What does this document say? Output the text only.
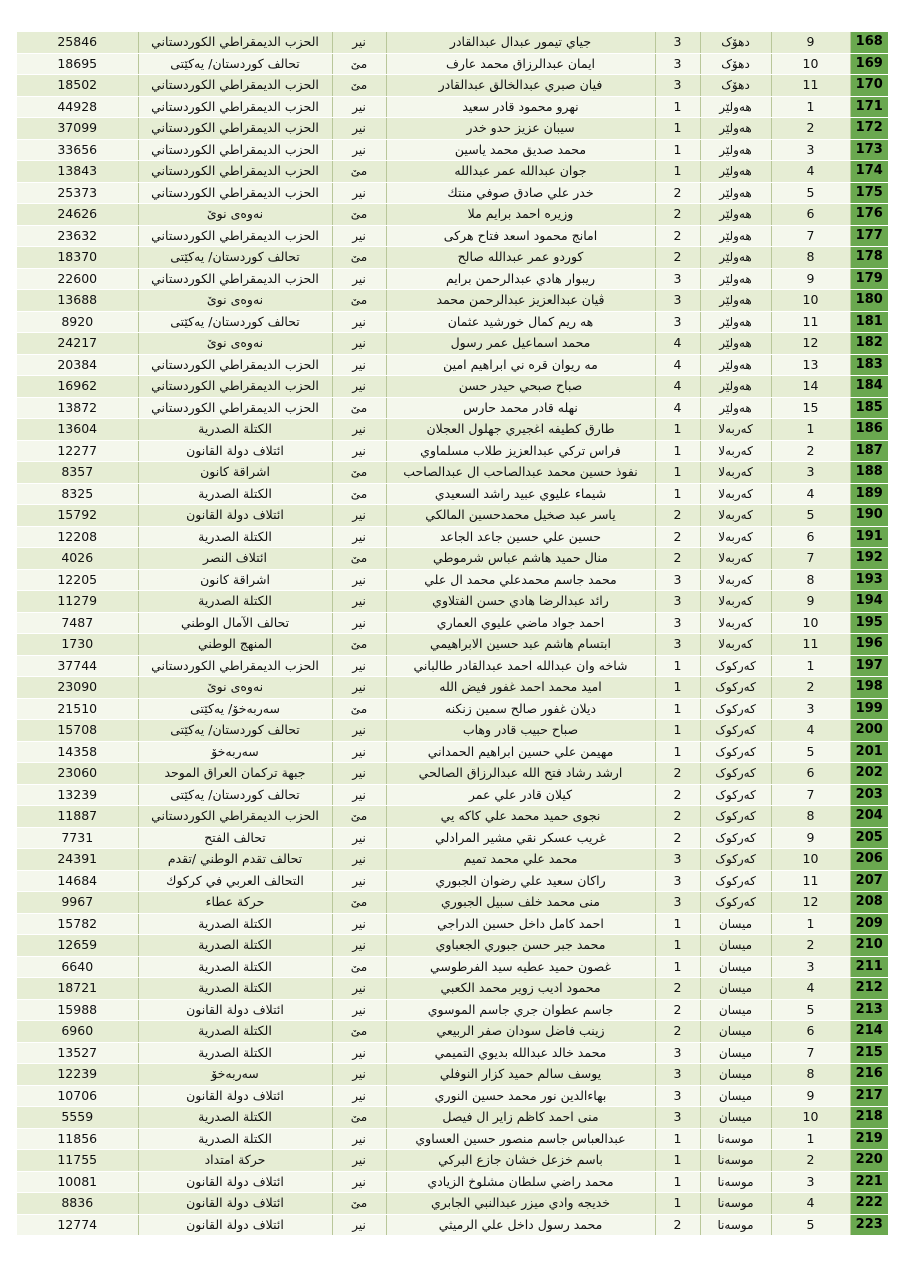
25846	الحزب الديمقراطي الكوردستاني	نير	جياي تيمور عبدال عبدالقادر	3	دهۆک	9	168
18695	تحالف كوردستان/ یەکێتی	مێ	ايمان عبدالرزاق محمد عارف	3	دهۆک	10	169
18502	الحزب الديمقراطي الكوردستاني	مێ	فيان صبري عبدالخالق عبدالقادر	3	دهۆک	11	170
44928	الحزب الديمقراطي الكوردستاني	نير	نهرو محمود قادر سعيد	1	هەولێر	1	171
37099	الحزب الديمقراطي الكوردستاني	نير	سيبان عزيز حدو خدر	1	هەولێر	2	172
33656	الحزب الديمقراطي الكوردستاني	نير	محمد صديق محمد ياسين	1	هەولێر	3	173
13843	الحزب الديمقراطي الكوردستاني	مێ	جوان عبدالله عمر عبدالله	1	هەولێر	4	174
25373	الحزب الديمقراطي الكوردستاني	نير	خدر علي صادق صوفي منتك	2	هەولێر	5	175
24626	نەوەی نوێ	مێ	وزيره احمد برايم ملا	2	هەولێر	6	176
23632	الحزب الديمقراطي الكوردستاني	نير	امانج محمود اسعد فتاح هركى	2	هەولێر	7	177
18370	تحالف كوردستان/ یەکێتی	مێ	كوردو عمر عبدالله صالح	2	هەولێر	8	178
22600	الحزب الديمقراطي الكوردستاني	نير	ريبوار هادي عبدالرحمن برايم	3	هەولێر	9	179
13688	نەوەی نوێ	مێ	ڤيان عبدالعزيز عبدالرحمن محمد	3	هەولێر	10	180
8920	تحالف كوردستان/ یەکێتی	نير	هه ريم كمال خورشيد عثمان	3	هەولێر	11	181
24217	نەوەی نوێ	نير	محمد اسماعيل عمر رسول	4	هەولێر	12	182
20384	الحزب الديمقراطي الكوردستاني	نير	مه ريوان قره ني ابراهيم امين	4	هەولێر	13	183
16962	الحزب الديمقراطي الكوردستاني	نير	صباح صبحي حيدر حسن	4	هەولێر	14	184
13872	الحزب الديمقراطي الكوردستاني	مێ	نهله قادر محمد حارس	4	هەولێر	15	185
13604	الكتلة الصدرية	نير	طارق كطيفه اغجيري جهلول العجلان	1	کەربەلا	1	186
12277	ائتلاف دولة القانون	نير	فراس تركي عبدالعزيز طلاب مسلماوي	1	کەربەلا	2	187
8357	اشراقة كانون	مێ	نفوذ حسين محمد عبدالصاحب ال عبدالصاحب	1	کەربەلا	3	188
8325	الكتلة الصدرية	مێ	شيماء عليوي عبيد راشد السعيدي	1	کەربەلا	4	189
15792	ائتلاف دولة القانون	نير	ياسر عبد صخيل محمدحسين المالكي	2	کەربەلا	5	190
12208	الكتلة الصدرية	نير	حسين علي حسين جاعد الجاعد	2	کەربەلا	6	191
4026	ائتلاف النصر	مێ	منال حميد هاشم عباس شرموطي	2	کەربەلا	7	192
12205	اشراقة كانون	نير	محمد جاسم محمدعلي محمد ال علي	3	کەربەلا	8	193
11279	الكتلة الصدرية	نير	رائد عبدالرضا هادي حسن الفتلاوي	3	کەربەلا	9	194
7487	تحالف الآمال الوطني	نير	احمد جواد ماضي عليوي العماري	3	کەربەلا	10	195
1730	المنهج الوطني	مێ	ابتسام هاشم عبد حسين الابراهيمي	3	کەربەلا	11	196
37744	الحزب الديمقراطي الكوردستاني	نير	شاخه وان عبدالله احمد عبدالقادر طالباني	1	کەرکوک	1	197
23090	نەوەی نوێ	نير	اميد محمد احمد غفور فيض الله	1	کەرکوک	2	198
21510	سەربەخۆ/ یەکێتی	مێ	ديلان غفور صالح سمين زنكنه	1	کەرکوک	3	199
15708	تحالف كوردستان/ یەکێتی	نير	صباح حبيب قادر وهاب	1	کەرکوک	4	200
14358	سەربەخۆ	نير	مهيمن علي حسين ابراهيم الحمداني	1	کەرکوک	5	201
23060	جبهة تركمان العراق الموحد	نير	ارشد رشاد فتح الله عبدالرزاق الصالحي	2	کەرکوک	6	202
13239	تحالف كوردستان/ یەکێتی	نير	كيلان قادر علي عمر	2	کەرکوک	7	203
11887	الحزب الديمقراطي الكوردستاني	مێ	نجوى حميد محمد علي كاكه يي	2	کەرکوک	8	204
7731	تحالف الفتح	نير	غريب عسكر نقي مشير المرادلي	2	کەرکوک	9	205
24391	تحالف تقدم الوطني /تقدم	نير	محمد علي محمد تميم	3	کەرکوک	10	206
14684	التحالف العربي في كركوك	نير	راكان سعيد علي رضوان الجبوري	3	کەرکوک	11	207
9967	حركة عطاء	مێ	منى محمد خلف سبيل الجبوري	3	کەرکوک	12	208
15782	الكتلة الصدرية	نير	احمد كامل داخل حسين الدراجي	1	میسان	1	209
12659	الكتلة الصدرية	نير	محمد جبر حسن جبوري الجعباوي	1	میسان	2	210
6640	الكتلة الصدرية	مێ	غصون حميد عطيه سيد الفرطوسي	1	میسان	3	211
18721	الكتلة الصدرية	نير	محمود اديب زوير محمد الكعبي	2	میسان	4	212
15988	ائتلاف دولة القانون	نير	جاسم عطوان جري جاسم الموسوي	2	میسان	5	213
6960	الكتلة الصدرية	مێ	زينب فاضل سودان صفر الربيعي	2	میسان	6	214
13527	الكتلة الصدرية	نير	محمد خالد عبدالله بديوي التميمي	3	میسان	7	215
12239	سەربەخۆ	نير	يوسف سالم حميد كزار النوفلي	3	میسان	8	216
10706	ائتلاف دولة القانون	نير	بهاءالدين نور محمد حسين النوري	3	میسان	9	217
5559	الكتلة الصدرية	مێ	منى احمد كاظم زاير ال فيصل	3	میسان	10	218
11856	الكتلة الصدرية	نير	عبدالعباس جاسم منصور حسين العساوي	1	موسەنا	1	219
11755	حركة امتداد	نير	باسم خزعل خشان جازع البركي	1	موسەنا	2	220
10081	ائتلاف دولة القانون	نير	محمد راضي سلطان مشلوخ الزيادي	1	موسەنا	3	221
8836	ائتلاف دولة القانون	مێ	خديجه وادي ميزر عبدالنبي الجابري	1	موسەنا	4	222
12774	ائتلاف دولة القانون	نير	محمد رسول داخل علي الرميثي	2	موسەنا	5	223
